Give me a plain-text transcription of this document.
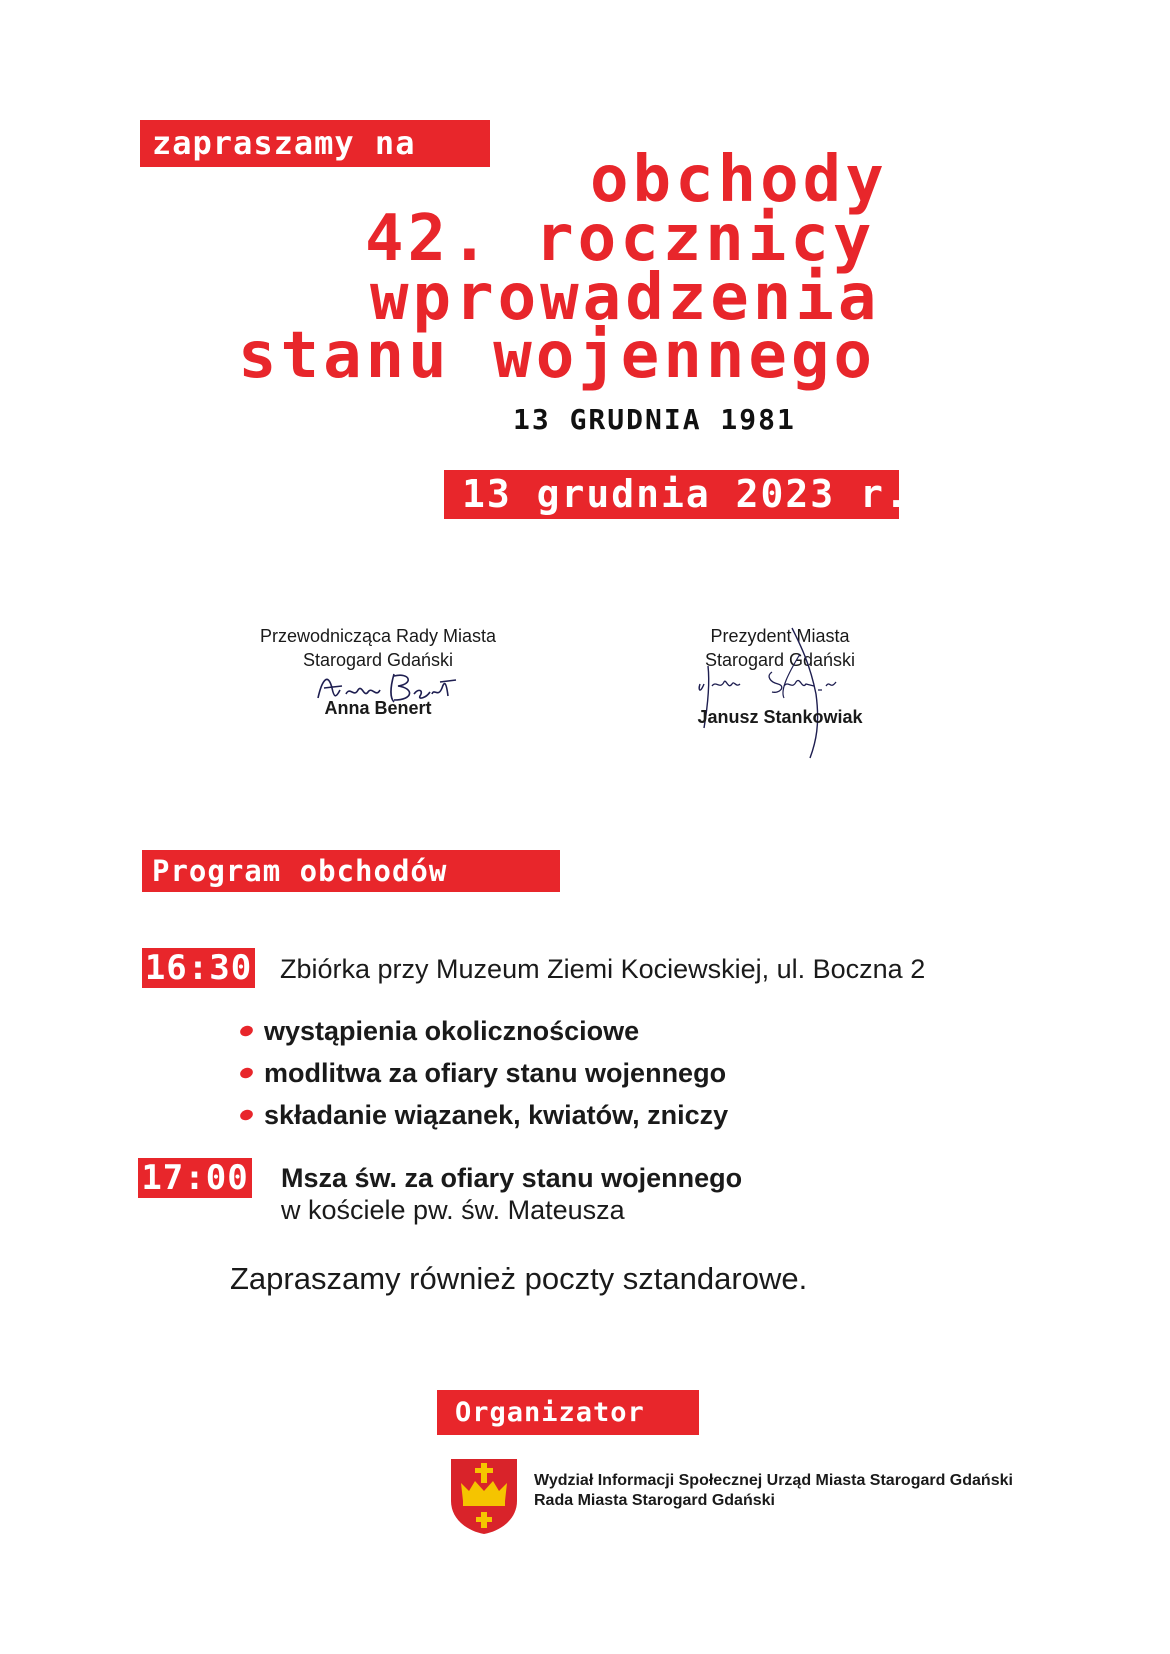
zapraszamy na	obchody
42. rocznicy
wprowadzenia
stanu wojennego
13 GRUDNIA 1981
13 grudnia 2023 r.
Przewodnicząca Rady Miasta
Starogard Gdański
Anna Benert
Prezydent Miasta
Starogard Gdański
Janusz Stankowiak
Program obchodów
16:30 Zbiórka przy Muzeum Ziemi Kociewskiej, ul. Boczna 2
wystąpienia okolicznościowe
modlitwa za ofiary stanu wojennego
składanie wiązanek, kwiatów, zniczy
17:00 Msza św. za ofiary stanu wojennego
w kościele pw. św. Mateusza
Zapraszamy również poczty sztandarowe.
Organizator
Wydział Informacji Społecznej Urząd Miasta Starogard Gdański
Rada Miasta Starogard Gdański
